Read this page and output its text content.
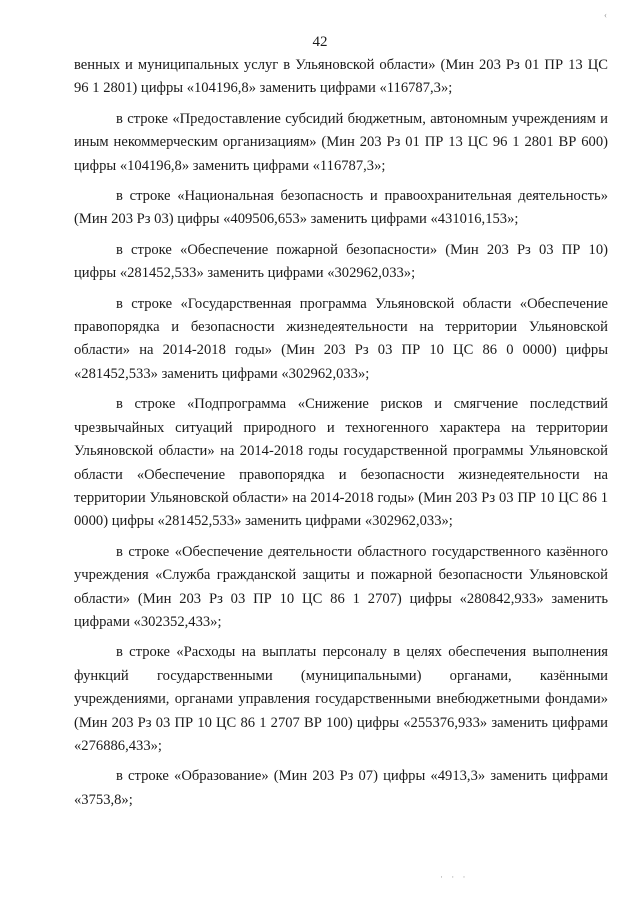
‹
42

венных и муниципальных услуг в Ульяновской области» (Мин 203 Рз 01 ПР 13 ЦС 96 1 2801) цифры «104196,8» заменить цифрами «116787,3»;

в строке «Предоставление субсидий бюджетным, автономным учреждениям и иным некоммерческим организациям» (Мин 203 Рз 01 ПР 13 ЦС 96 1 2801 ВР 600) цифры «104196,8» заменить цифрами «116787,3»;

в строке «Национальная безопасность и правоохранительная деятельность» (Мин 203 Рз 03) цифры «409506,653» заменить цифрами «431016,153»;

в строке «Обеспечение пожарной безопасности» (Мин 203 Рз 03 ПР 10) цифры «281452,533» заменить цифрами «302962,033»;

в строке «Государственная программа Ульяновской области «Обеспечение правопорядка и безопасности жизнедеятельности на территории Ульяновской области» на 2014-2018 годы» (Мин 203 Рз 03 ПР 10 ЦС 86 0 0000) цифры «281452,533» заменить цифрами «302962,033»;

в строке «Подпрограмма «Снижение рисков и смягчение последствий чрезвычайных ситуаций природного и техногенного характера на территории Ульяновской области» на 2014-2018 годы государственной программы Ульяновской области «Обеспечение правопорядка и безопасности жизнедеятельности на территории Ульяновской области» на 2014-2018 годы» (Мин 203 Рз 03 ПР 10 ЦС 86 1 0000) цифры «281452,533» заменить цифрами «302962,033»;

в строке «Обеспечение деятельности областного государственного казённого учреждения «Служба гражданской защиты и пожарной безопасности Ульяновской области» (Мин 203 Рз 03 ПР 10 ЦС 86 1 2707) цифры «280842,933» заменить цифрами «302352,433»;

в строке «Расходы на выплаты персоналу в целях обеспечения выполнения функций государственными (муниципальными) органами, казёнными учреждениями, органами управления государственными внебюджетными фондами» (Мин 203 Рз 03 ПР 10 ЦС 86 1 2707 ВР 100) цифры «255376,933» заменить цифрами «276886,433»;

в строке «Образование» (Мин 203 Рз 07) цифры «4913,3» заменить цифрами «3753,8»;

· · ·
